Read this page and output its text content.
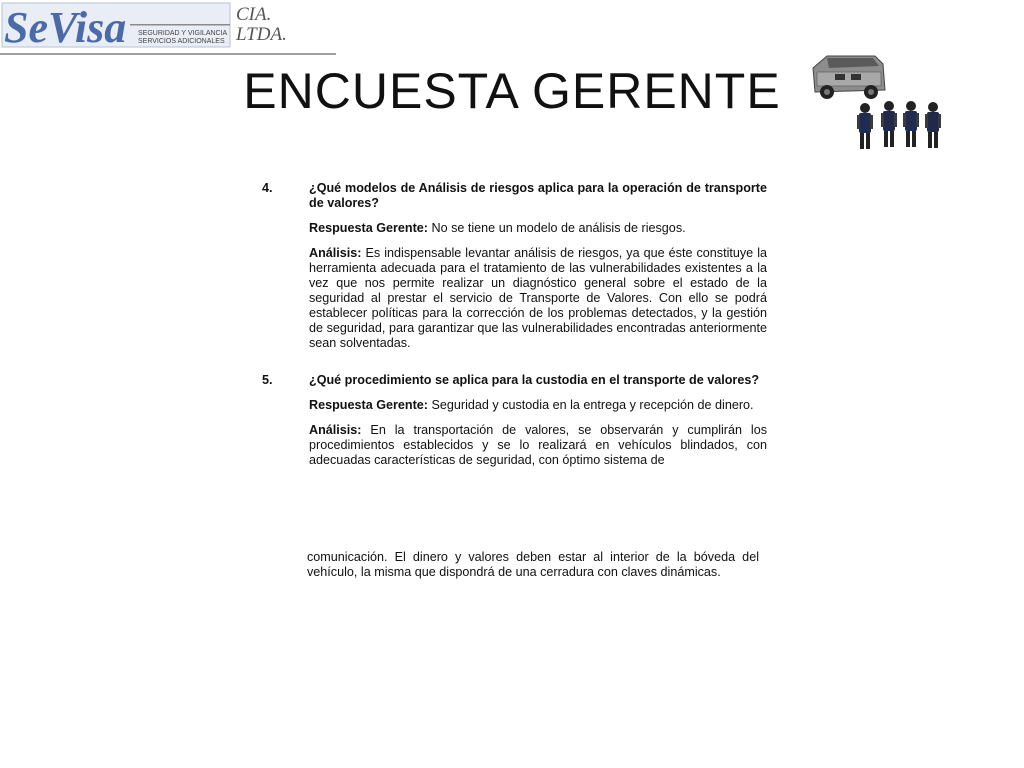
SeVisa SEGURIDAD Y VIGILANCIA
SERVICIOS ADICIONALES
CIA.
LTDA.
ENCUESTA GERENTE
4.	¿Qué modelos de Análisis de riesgos aplica para la operación de transporte de valores?

Respuesta Gerente: No se tiene un modelo de análisis de riesgos.

Análisis: Es indispensable levantar análisis de riesgos, ya que éste constituye la herramienta adecuada para el tratamiento de las vulnerabilidades existentes a la vez que nos permite realizar un diagnóstico general sobre el estado de la seguridad al prestar el servicio de Transporte de Valores. Con ello se podrá establecer políticas para la corrección de los problemas detectados, y la gestión de seguridad, para garantizar que las vulnerabilidades encontradas anteriormente sean solventadas.

5.	¿Qué procedimiento se aplica para la custodia en el transporte de valores?

Respuesta Gerente: Seguridad y custodia en la entrega y recepción de dinero.

Análisis: En la transportación de valores, se observarán y cumplirán los procedimientos establecidos y se lo realizará en vehículos blindados, con adecuadas características de seguridad, con óptimo sistema de

comunicación. El dinero y valores deben estar al interior de la bóveda del vehículo, la misma que dispondrá de una cerradura con claves dinámicas.
